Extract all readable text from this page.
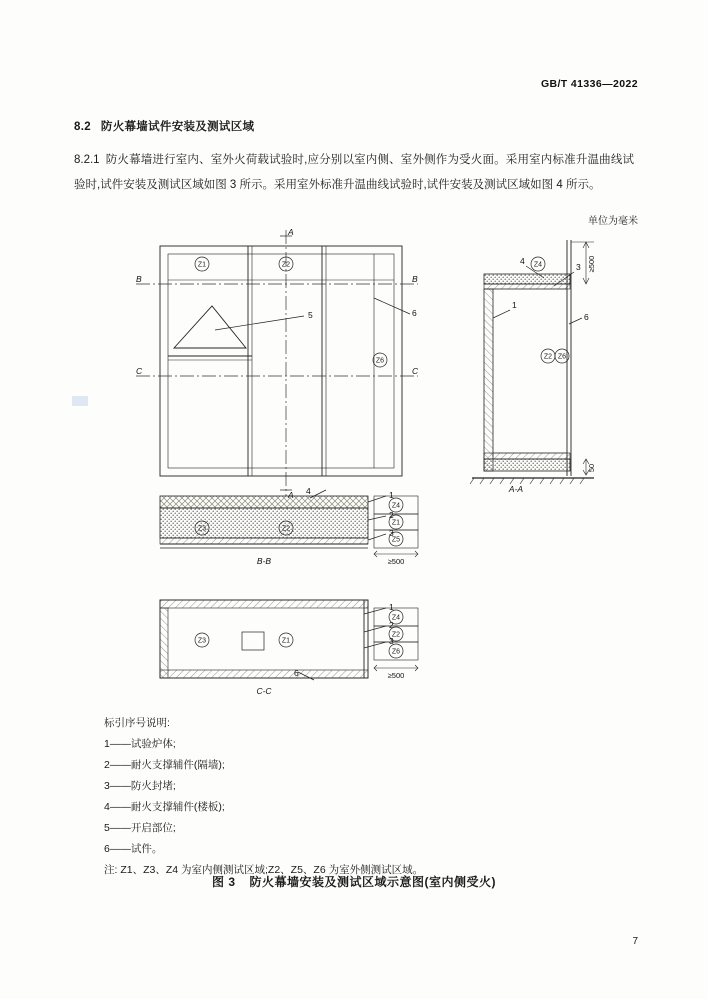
GB/T 41336—2022
8.2 防火幕墙试件安装及测试区域
8.2.1 防火幕墙进行室内、室外火荷载试验时,应分别以室内侧、室外侧作为受火面。采用室内标准升温曲线试验时,试件安装及测试区域如图 3 所示。采用室外标准升温曲线试验时,试件安装及测试区域如图 4 所示。
单位为毫米
Z1	Z2
Z6
Z3	Z2
Z4
Z1
Z5
Z3	Z1
Z4
Z2
Z6
Z4
Z2 Z6
5	6
1
4
3
6
4	1
2
3
1
2
3
6
A
A
B	B
C	C
A-A
B-B
C-C
≥500
50
≥500
≥500
标引序号说明:
1——试验炉体;
2——耐火支撑辅件(隔墙);
3——防火封堵;
4——耐火支撑辅件(楼板);
5——开启部位;
6——试件。
注: Z1、Z3、Z4 为室内侧测试区域;Z2、Z5、Z6 为室外侧测试区域。
图 3 防火幕墙安装及测试区域示意图(室内侧受火)
7
